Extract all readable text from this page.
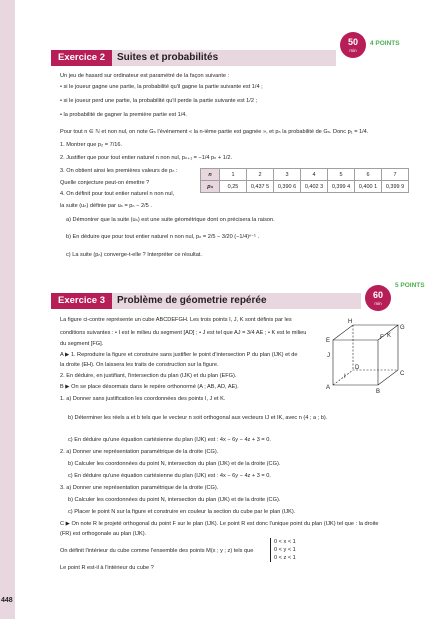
448
50
min
4 POINTS
Exercice 2	Suites et probabilités
Un jeu de hasard sur ordinateur est paramétré de la façon suivante :
• si le joueur gagne une partie, la probabilité qu'il gagne la partie suivante est 1/4 ;
• si le joueur perd une partie, la probabilité qu'il perde la partie suivante est 1/2 ;
• la probabilité de gagner la première partie est 1/4.
Pour tout n ∈ ℕ et non nul, on note Gₙ l'événement « la n-ième partie est gagnée », et pₙ la probabilité de Gₙ. Donc p₁ = 1/4.
1. Montrer que p₂ = 7/16.
2. Justifier que pour tout entier naturel n non nul, pₙ₊₁ = −1/4 pₙ + 1/2.
3. On obtient ainsi les premières valeurs de pₙ :
Quelle conjecture peut-on émettre ?
4. On définit pour tout entier naturel n non nul,
la suite (uₙ) définie par uₙ = pₙ − 2/5 .
a) Démontrer que la suite (uₙ) est une suite géométrique dont on précisera la raison.
b) En déduire que pour tout entier naturel n non nul, pₙ = 2/5 − 3/20 (−1/4)ⁿ⁻¹ .
c) La suite (pₙ) converge-t-elle ? Interpréter ce résultat.
n	1	2	3	4	5	6	7
pₙ	0,25	0,437 5	0,390 6	0,402 3	0,399 4	0,400 1	0,399 9
60
min
5 POINTS
Exercice 3	Problème de géometrie repérée
La figure ci-contre représente un cube ABCDEFGH. Les trois points I, J, K sont définis par les
conditions suivantes : • I est le milieu du segment [AD] ; • J est tel que AJ = 3/4 AE ; • K est le milieu
du segment [FG].
A ▶ 1. Reproduire la figure et construire sans justifier le point d'intersection P du plan (IJK) et de
la droite (EH). On laissera les traits de construction sur la figure.
2. En déduire, en justifiant, l'intersection du plan (IJK) et du plan (EFG).
B ▶ On se place désormais dans le repère orthonormé (A ; AB, AD, AE).
1. a) Donner sans justification les coordonnées des points I, J et K.
b) Déterminer les réels a et b tels que le vecteur n soit orthogonal aux vecteurs IJ et IK, avec n (4 ; a ; b).
c) En déduire qu'une équation cartésienne du plan (IJK) est : 4x − 6y − 4z + 3 = 0.
2. a) Donner une représentation paramétrique de la droite (CG).
b) Calculer les coordonnées du point N, intersection du plan (IJK) et de la droite (CG).
c) En déduire qu'une équation cartésienne du plan (IJK) est : 4x − 6y − 4z + 3 = 0.
3. a) Donner une représentation paramétrique de la droite (CG).
b) Calculer les coordonnées du point N, intersection du plan (IJK) et de la droite (CG).
c) Placer le point N sur la figure et construire en couleur la section du cube par le plan (IJK).
C ▶ On note R le projeté orthogonal du point F sur le plan (IJK). Le point R est donc l'unique point du plan (IJK) tel que : la droite
(FR) est orthogonale au plan (IJK).
On définit l'intérieur du cube comme l'ensemble des points M(x ; y ; z) tels que
0 < x < 1
0 < y < 1
0 < z < 1
Le point R est-il à l'intérieur du cube ?
H
G
E	F K
J
D
I	C
A
B
